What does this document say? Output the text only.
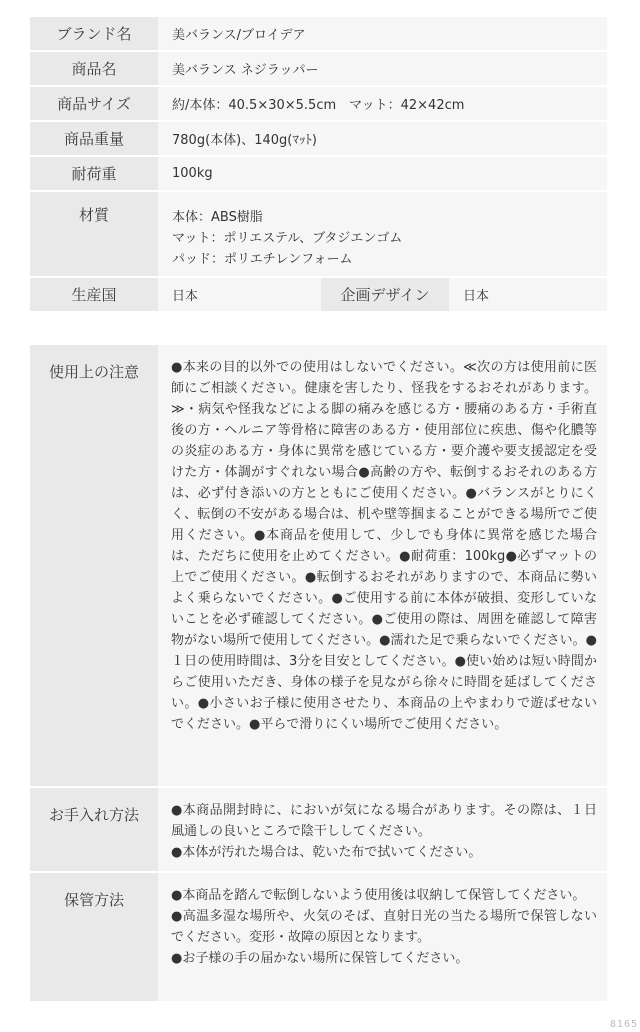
ブランド名	美バランス/ブロイデア
商品名	美バランス ネジラッパー
商品サイズ	約/本体：40.5×30×5.5cm　マット：42×42cm
商品重量	780g(本体)、140g(ﾏｯﾄ)
耐荷重	100kg
材質	本体：ABS樹脂
マット：ポリエステル、ブタジエンゴム
パッド：ポリエチレンフォーム
生産国	日本	企画デザイン	日本
使用上の注意	●本来の目的以外での使用はしないでください。≪次の方は使用前に医師にご相談ください。健康を害したり、怪我をするおそれがあります。≫・病気や怪我などによる脚の痛みを感じる方・腰痛のある方・手術直後の方・ヘルニア等骨格に障害のある方・使用部位に疾患、傷や化膿等の炎症のある方・身体に異常を感じている方・要介護や要支援認定を受けた方・体調がすぐれない場合●高齢の方や、転倒するおそれのある方は、必ず付き添いの方とともにご使用ください。●バランスがとりにくく、転倒の不安がある場合は、机や壁等掴まることができる場所でご使用ください。●本商品を使用して、少しでも身体に異常を感じた場合は、ただちに使用を止めてください。●耐荷重：100kg●必ずマットの上でご使用ください。●転倒するおそれがありますので、本商品に勢いよく乗らないでください。●ご使用する前に本体が破損、変形していないことを必ず確認してください。●ご使用の際は、周囲を確認して障害物がない場所で使用してください。●濡れた足で乗らないでください。●１日の使用時間は、3分を目安としてください。●使い始めは短い時間からご使用いただき、身体の様子を見ながら徐々に時間を延ばしてください。●小さいお子様に使用させたり、本商品の上やまわりで遊ばせないでください。●平らで滑りにくい場所でご使用ください。
お手入れ方法	●本商品開封時に、においが気になる場合があります。その際は、１日風通しの良いところで陰干ししてください。

●本体が汚れた場合は、乾いた布で拭いてください。

保管方法	●本商品を踏んで転倒しないよう使用後は収納して保管してください。

●高温多湿な場所や、火気のそば、直射日光の当たる場所で保管しないでください。変形・故障の原因となります。

●お子様の手の届かない場所に保管してください。

8165
